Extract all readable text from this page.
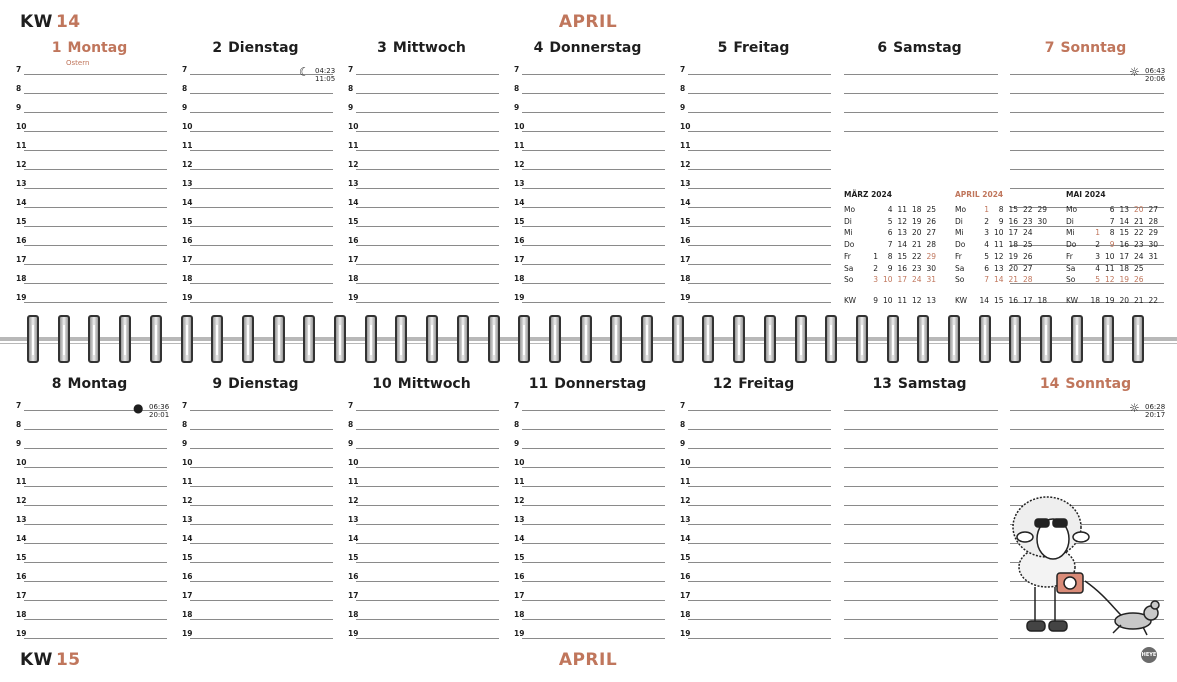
KW 14	APRIL
1 Montag
Ostern
7
8
9
10
11
12
13
14
15
16
17
18
19
2 Dienstag
7
8
9
10
11
12
13
14
15
16
17
18
19
☾ 04:23
11:05
3 Mittwoch
7
8
9
10
11
12
13
14
15
16
17
18
19
4 Donnerstag
7
8
9
10
11
12
13
14
15
16
17
18
19
5 Freitag
7
8
9
10
11
12
13
14
15
16
17
18
19
6 Samstag	7 Sonntag
☼ 06:43
20:06
KW 15	APRIL
8 Montag
7
8
9
10
11
12
13
14
15
16
17
18
19
● 06:36
20:01
9 Dienstag
7
8
9
10
11
12
13
14
15
16
17
18
19
10 Mittwoch
7
8
9
10
11
12
13
14
15
16
17
18
19
11 Donnerstag
7
8
9
10
11
12
13
14
15
16
17
18
19
12 Freitag
7
8
9
10
11
12
13
14
15
16
17
18
19
13 Samstag	14 Sonntag
☼ 06:28
20:17
MÄRZ 2024
Mo	4 11 18 25
Di	5 12 19 26
Mi	6 13 20 27
Do	7 14 21 28
Fr	1	8 15 22 29
Sa	2	9 16 23 30
So	3 10 17 24 31
KW	9 10 11 12 13
APRIL 2024
Mo	1	8 15 22 29
Di	2	9 16 23 30
Mi	3 10 17 24
Do	4 11 18 25
Fr	5 12 19 26
Sa	6 13 20 27
So	7 14 21 28
KW	14 15 16 17 18
MAI 2024
Mo	6 13 20 27
Di	7 14 21 28
Mi	1	8 15 22 29
Do	2	9 16 23 30
Fr	3 10 17 24 31
Sa	4 11 18 25
So	5 12 19 26
KW	18 19 20 21 22
HEYE
